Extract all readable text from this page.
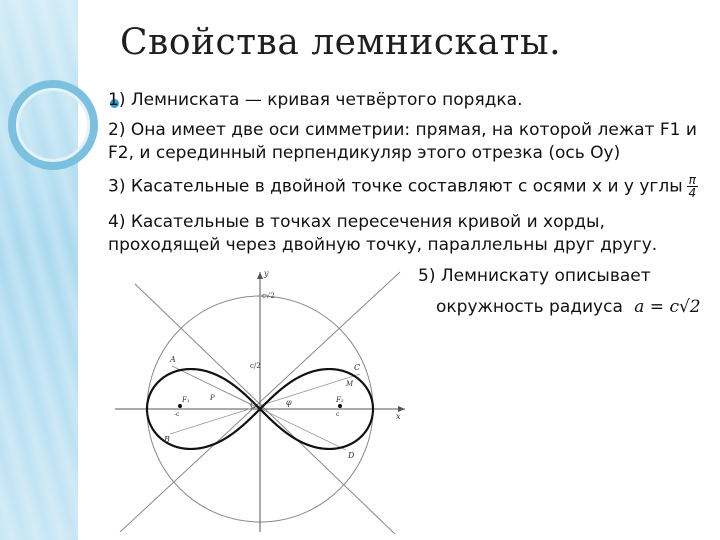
Свойства лемнискаты.
1) Лемниската — кривая четвёртого порядка.
2) Она имеет две оси симметрии: прямая, на которой лежат F1 и
F2, и серединный перпендикуляр этого отрезка (ось Оу)
3) Касательные в двойной точке составляют с осями х и у углы $\frac{\pi}{4}$
4) Касательные в точках пересечения кривой и хорды,
проходящей через двойную точку, параллельны друг другу.
5) Лемнискату описывает
окружность радиуса a = c√2
x
y
O
c√2
c/2
A
B
C
D
F₁	F₂
P
M
φ
-c	c
